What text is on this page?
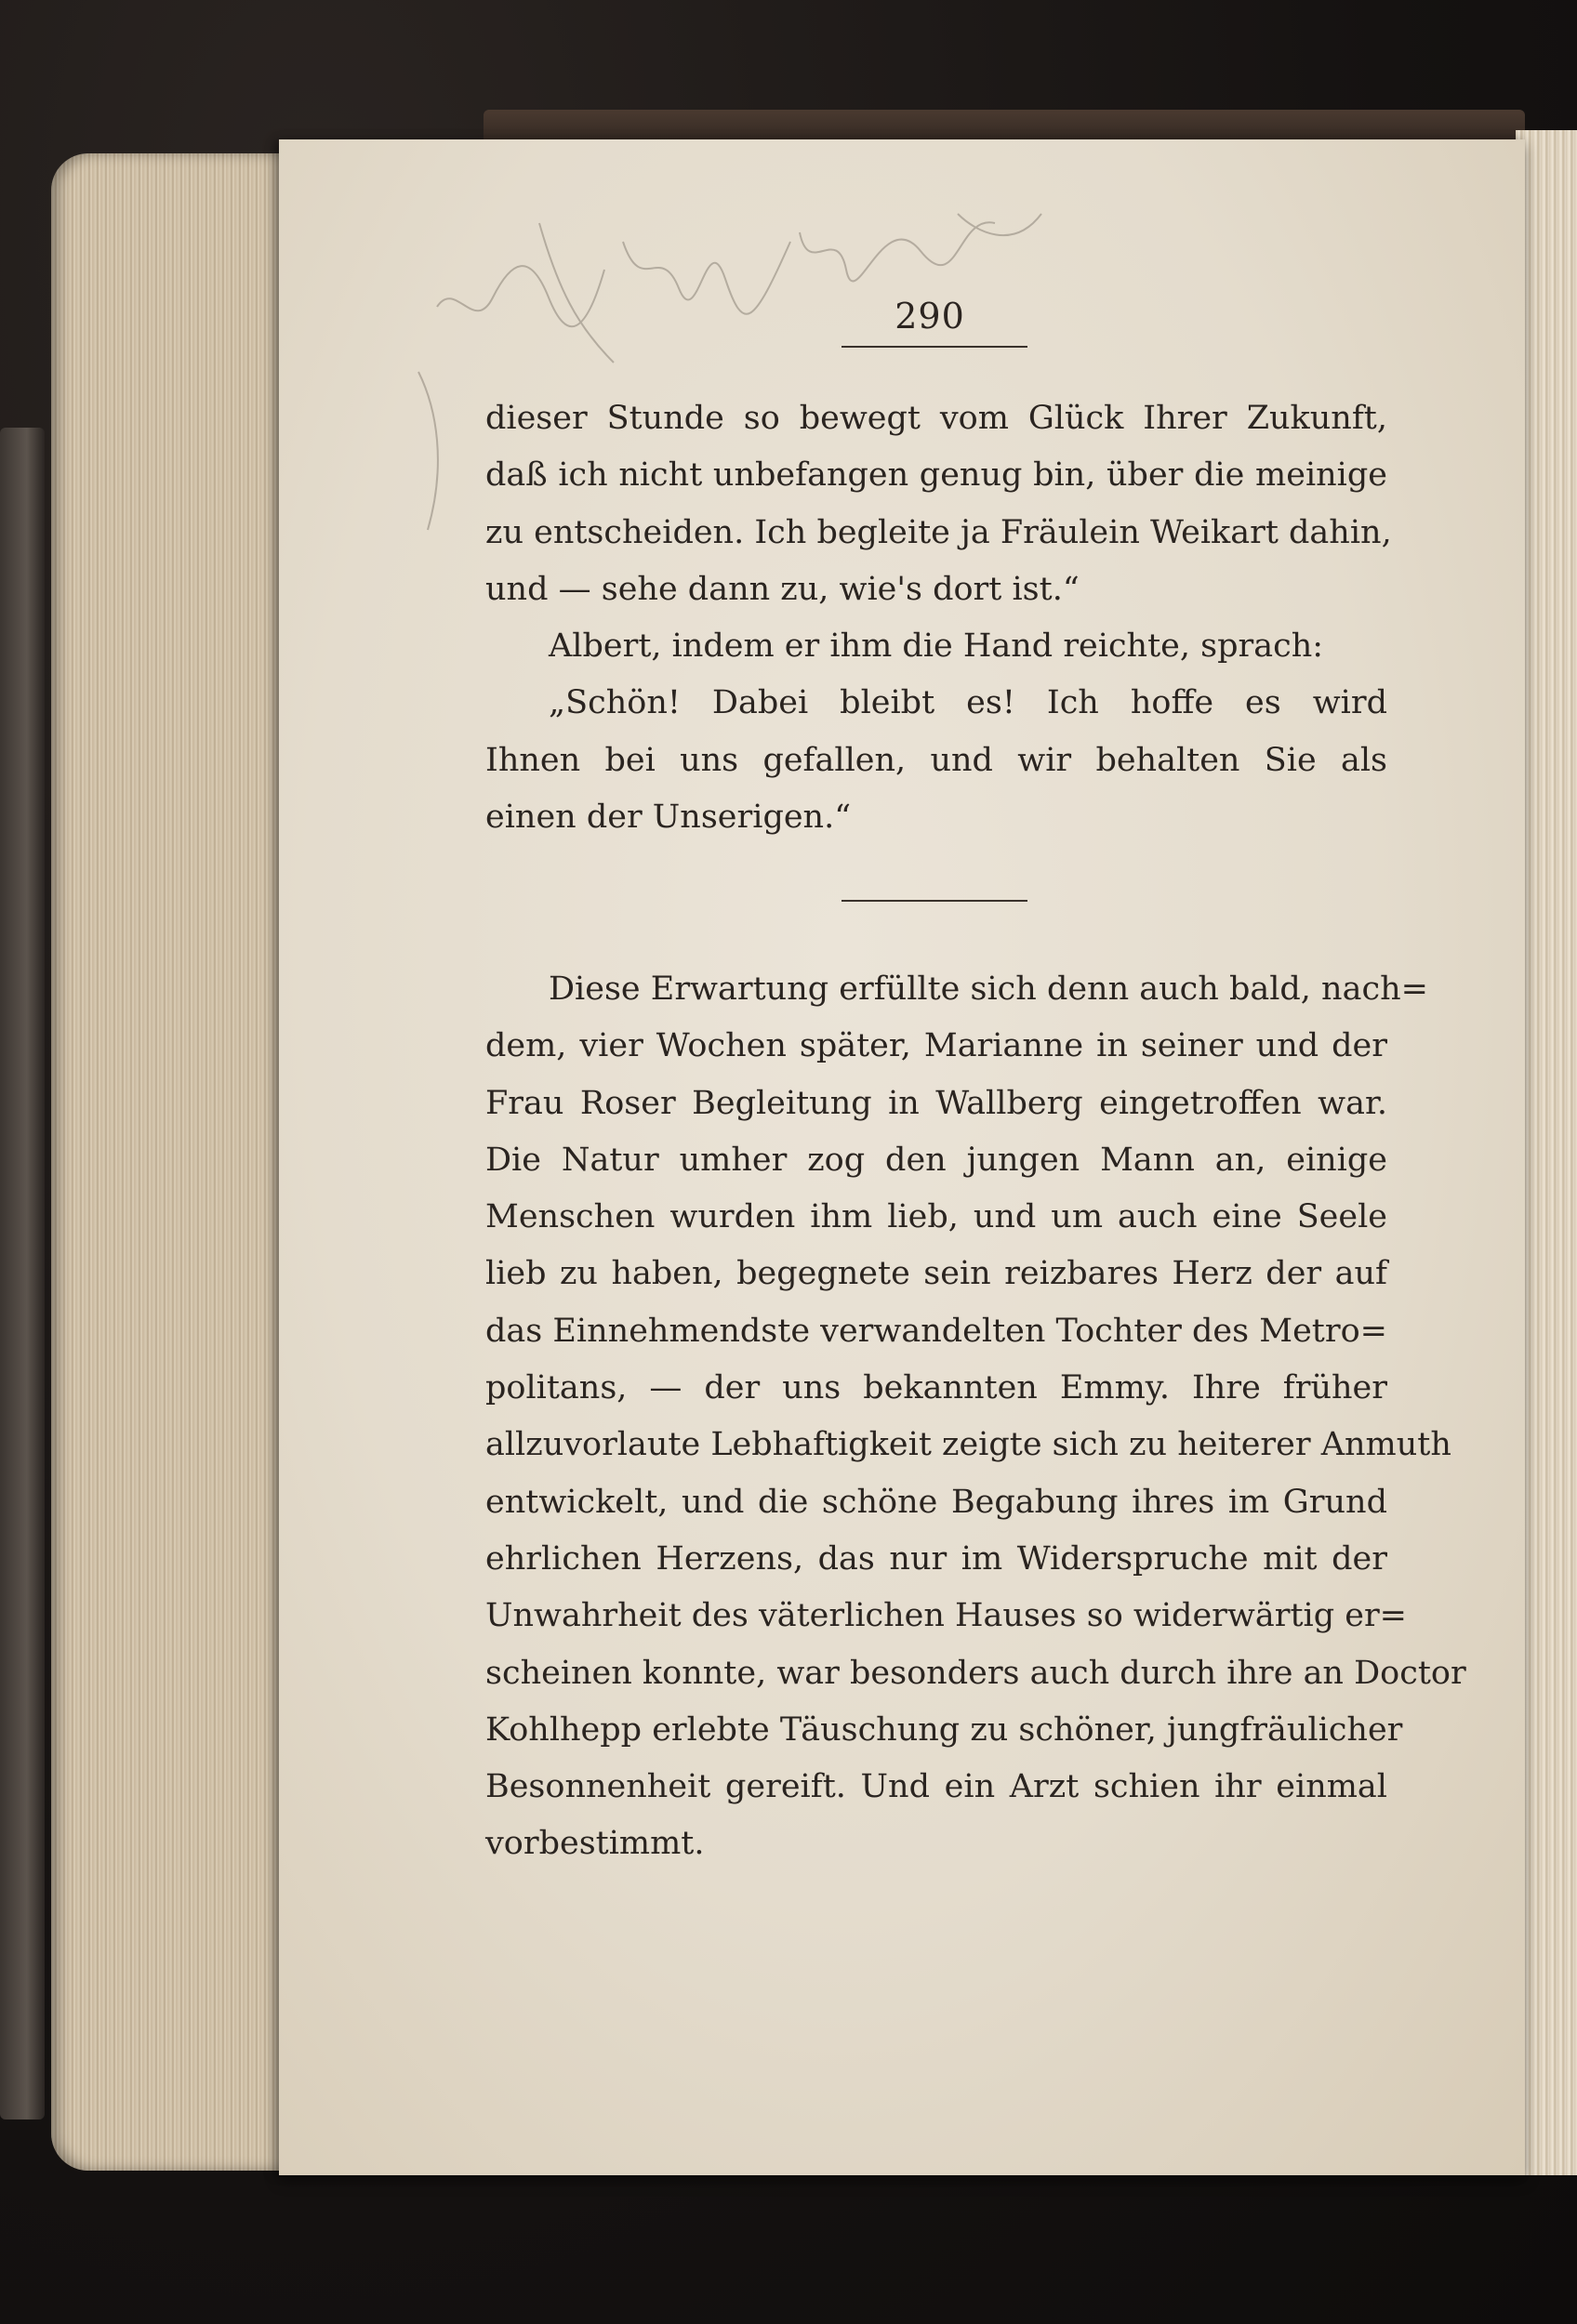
290
dieser Stunde so bewegt vom Glück Ihrer Zukunft,
daß ich nicht unbefangen genug bin, über die meinige
zu entscheiden. Ich begleite ja Fräulein Weikart dahin,
und — sehe dann zu, wie's dort ist.“
Albert, indem er ihm die Hand reichte, sprach:
„Schön! Dabei bleibt es! Ich hoffe es wird
Ihnen bei uns gefallen, und wir behalten Sie als
einen der Unserigen.“
Diese Erwartung erfüllte sich denn auch bald, nach=
dem, vier Wochen später, Marianne in seiner und der
Frau Roser Begleitung in Wallberg eingetroffen war.
Die Natur umher zog den jungen Mann an, einige
Menschen wurden ihm lieb, und um auch eine Seele
lieb zu haben, begegnete sein reizbares Herz der auf
das Einnehmendste verwandelten Tochter des Metro=
politans, — der uns bekannten Emmy. Ihre früher
allzuvorlaute Lebhaftigkeit zeigte sich zu heiterer Anmuth
entwickelt, und die schöne Begabung ihres im Grund
ehrlichen Herzens, das nur im Widerspruche mit der
Unwahrheit des väterlichen Hauses so widerwärtig er=
scheinen konnte, war besonders auch durch ihre an Doctor
Kohlhepp erlebte Täuschung zu schöner, jungfräulicher
Besonnenheit gereift. Und ein Arzt schien ihr einmal
vorbestimmt.
